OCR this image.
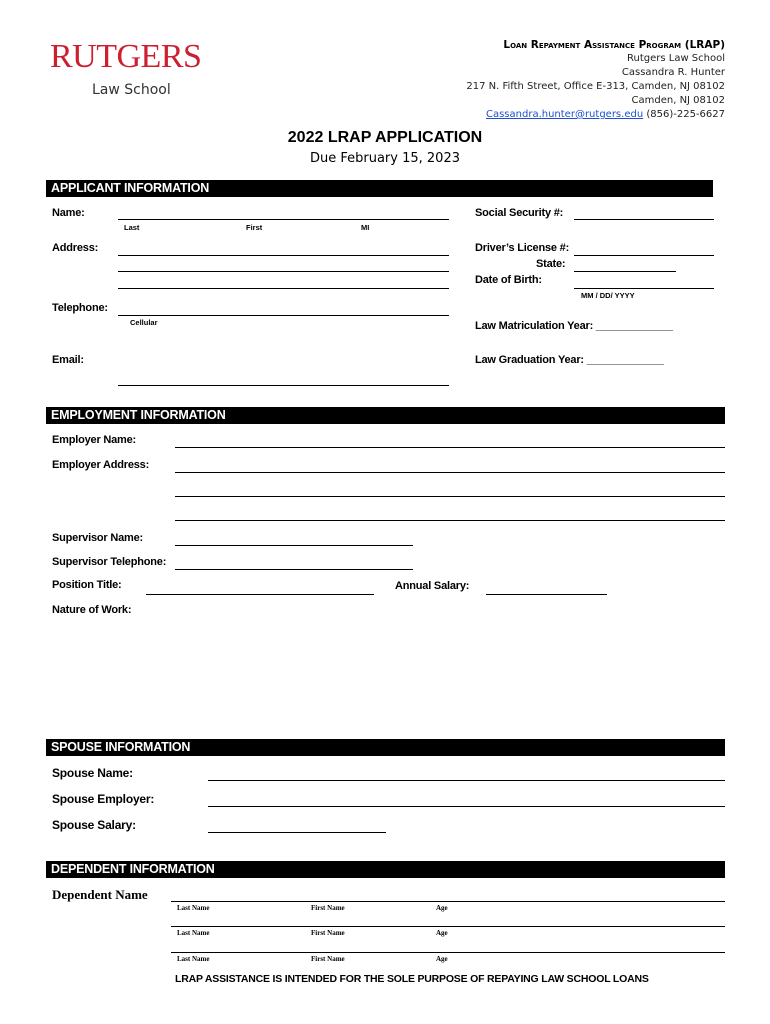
RUTGERS
Law School
Loan Repayment Assistance Program (LRAP)
Rutgers Law School
Cassandra R. Hunter
217 N. Fifth Street, Office E-313, Camden, NJ 08102
Camden, NJ 08102
Cassandra.hunter@rutgers.edu (856)-225-6627
2022 LRAP APPLICATION
Due February 15, 2023
APPLICANT INFORMATION
Name:
Last	First	MI
Address:
Telephone:
Cellular
Email:
Social Security #:
Driver’s License #:
State:
Date of Birth:
MM / DD/ YYYY
Law Matriculation Year: _____________
Law Graduation Year: _____________
EMPLOYMENT INFORMATION
Employer Name:
Employer Address:
Supervisor Name:
Supervisor Telephone:
Position Title:	Annual Salary:
Nature of Work:
SPOUSE INFORMATION
Spouse Name:
Spouse Employer:
Spouse Salary:
DEPENDENT INFORMATION
Dependent Name
Last Name	First Name	Age
Last Name	First Name	Age
Last Name	First Name	Age
LRAP ASSISTANCE IS INTENDED FOR THE SOLE PURPOSE OF REPAYING LAW SCHOOL LOANS
